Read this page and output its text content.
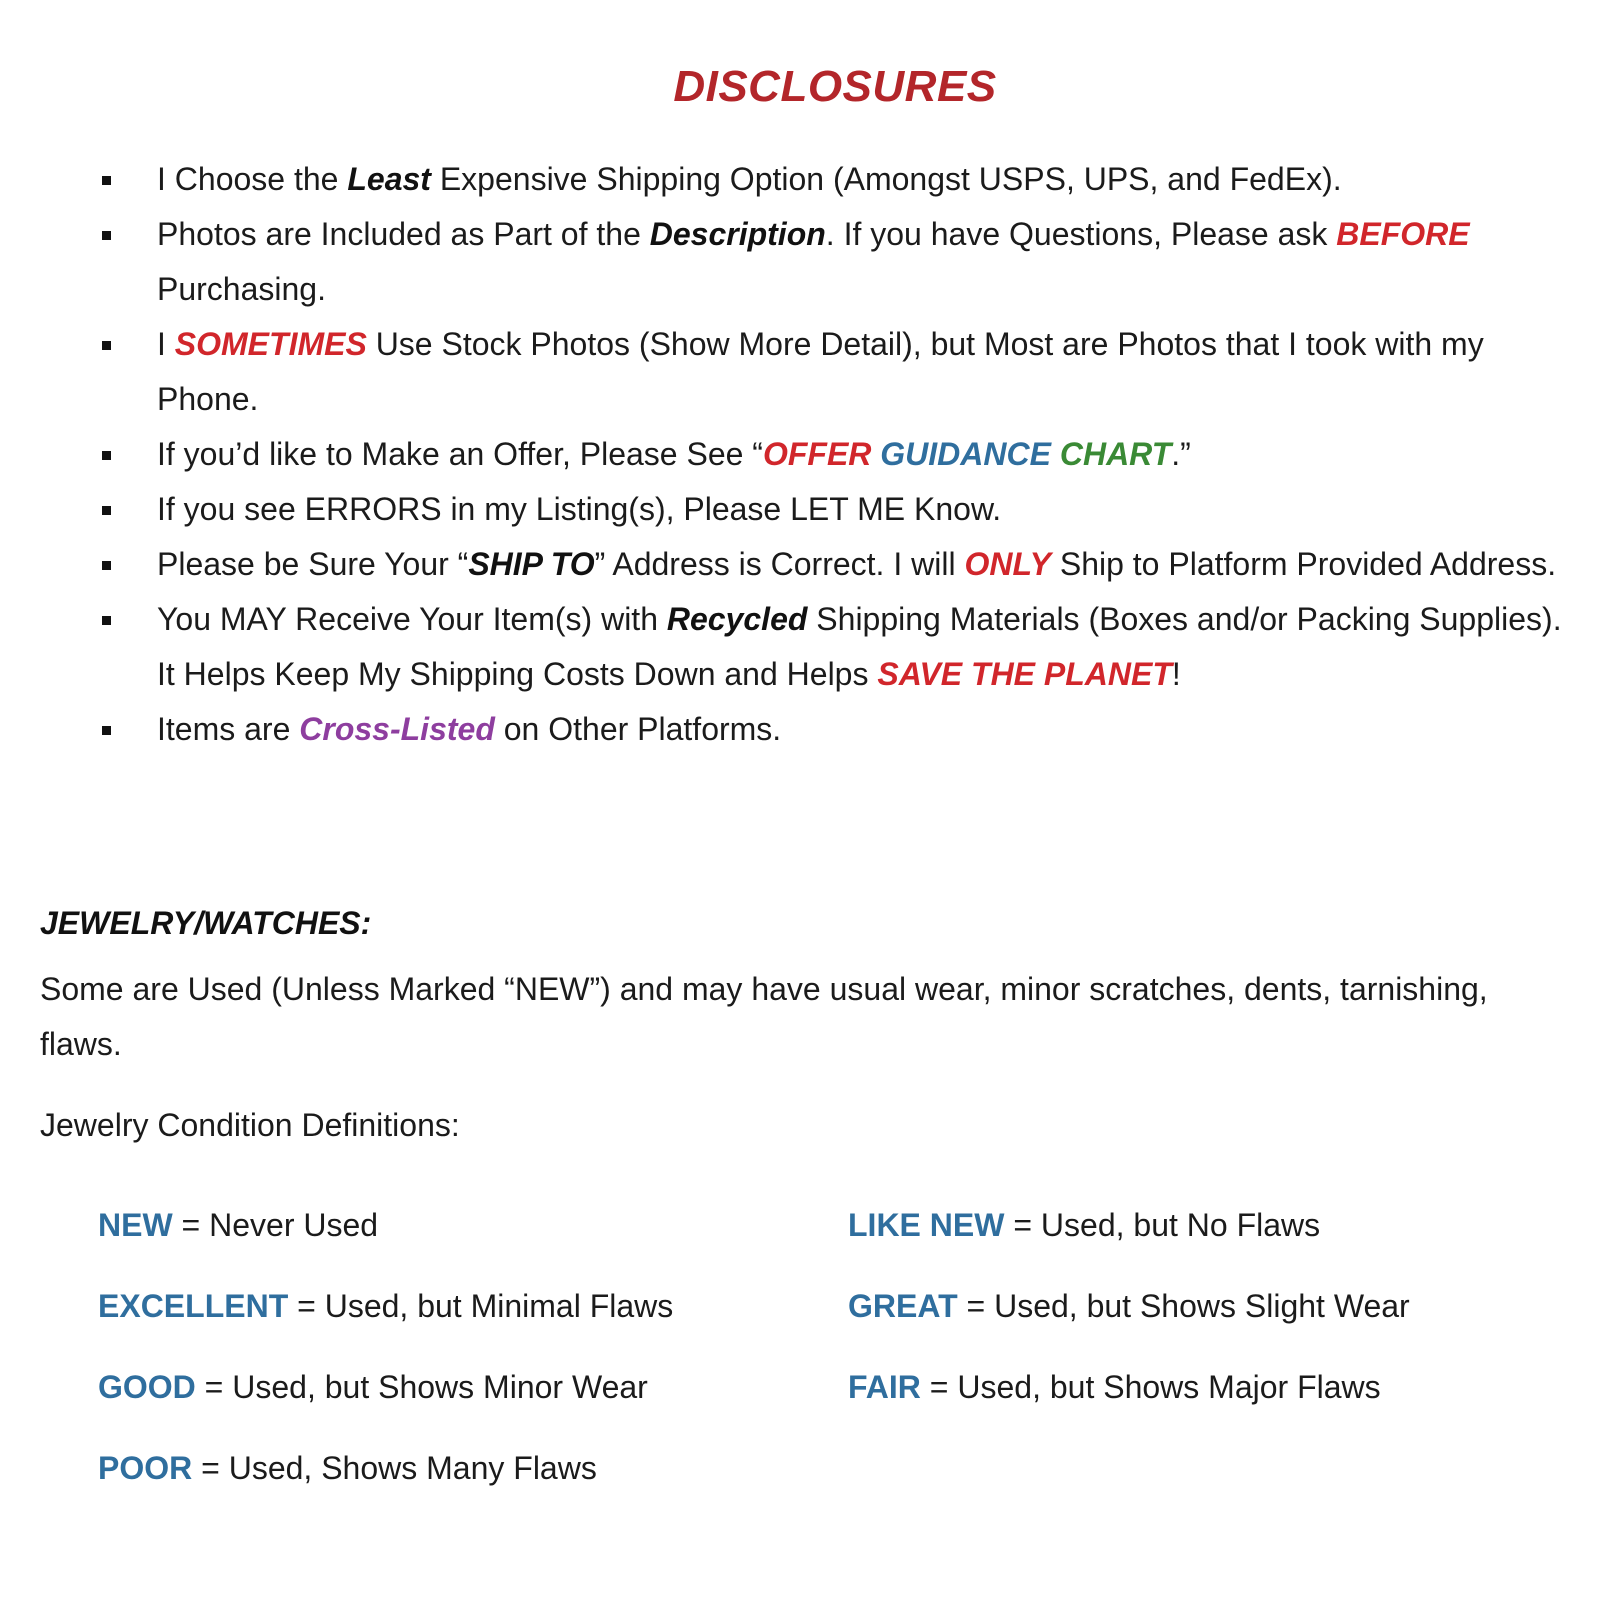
DISCLOSURES
I Choose the Least Expensive Shipping Option (Amongst USPS, UPS, and FedEx).
Photos are Included as Part of the Description. If you have Questions, Please ask BEFORE Purchasing.
I SOMETIMES Use Stock Photos (Show More Detail), but Most are Photos that I took with my Phone.
If you’d like to Make an Offer, Please See “OFFER GUIDANCE CHART.”
If you see ERRORS in my Listing(s), Please LET ME Know.
Please be Sure Your “SHIP TO” Address is Correct. I will ONLY Ship to Platform Provided Address.
You MAY Receive Your Item(s) with Recycled Shipping Materials (Boxes and/or Packing Supplies). It Helps Keep My Shipping Costs Down and Helps SAVE THE PLANET!
Items are Cross-Listed on Other Platforms.
JEWELRY/WATCHES:

Some are Used (Unless Marked “NEW”) and may have usual wear, minor scratches, dents, tarnishing, flaws.

Jewelry Condition Definitions:

NEW = Never Used	LIKE NEW = Used, but No Flaws
EXCELLENT = Used, but Minimal Flaws	GREAT = Used, but Shows Slight Wear
GOOD = Used, but Shows Minor Wear	FAIR = Used, but Shows Major Flaws
POOR = Used, Shows Many Flaws
